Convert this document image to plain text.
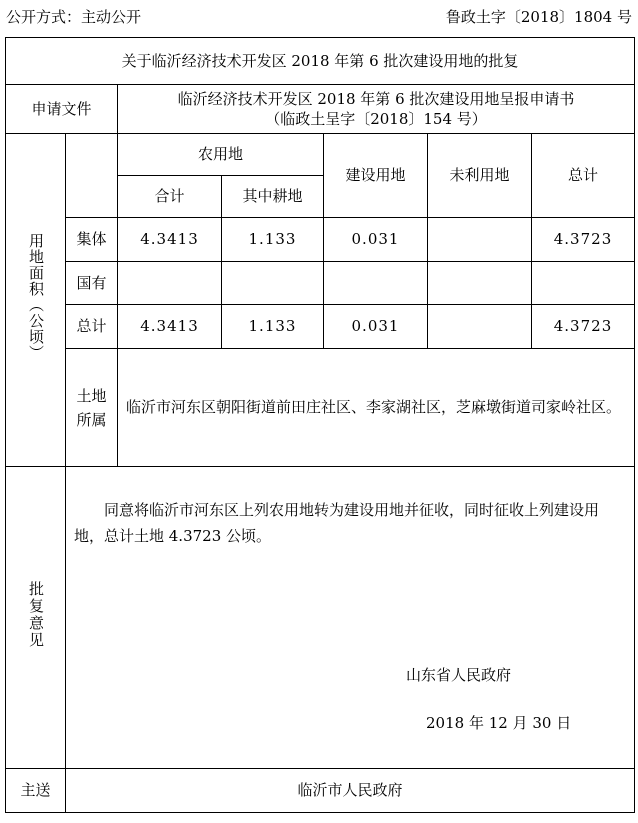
公开方式：主动公开	鲁政土字〔2018〕1804 号
关于临沂经济技术开发区 2018 年第 6 批次建设用地的批复						
申请文件		临沂经济技术开发区 2018 年第 6 批次建设用地呈报申请书
（临政土呈字〔2018〕154 号）				

用地面积（公顷）		农用地		建设用地	未利用地	总计
		合计	其中耕地			
	集体	4.3413	1.133	0.031		4.3723
	国有					
	总计	4.3413	1.133	0.031		4.3723

	土地所属	临沂市河东区朝阳街道前田庄社区、李家湖社区，芝麻墩街道司家岭社区。				
批复意见	同意将临沂市河东区上列农用地转为建设用地并征收，同时征收上列建设用地，总计土地 4.3723 公顷。
山东省人民政府
2018 年 12 月 30 日					

主送	临沂市人民政府					
